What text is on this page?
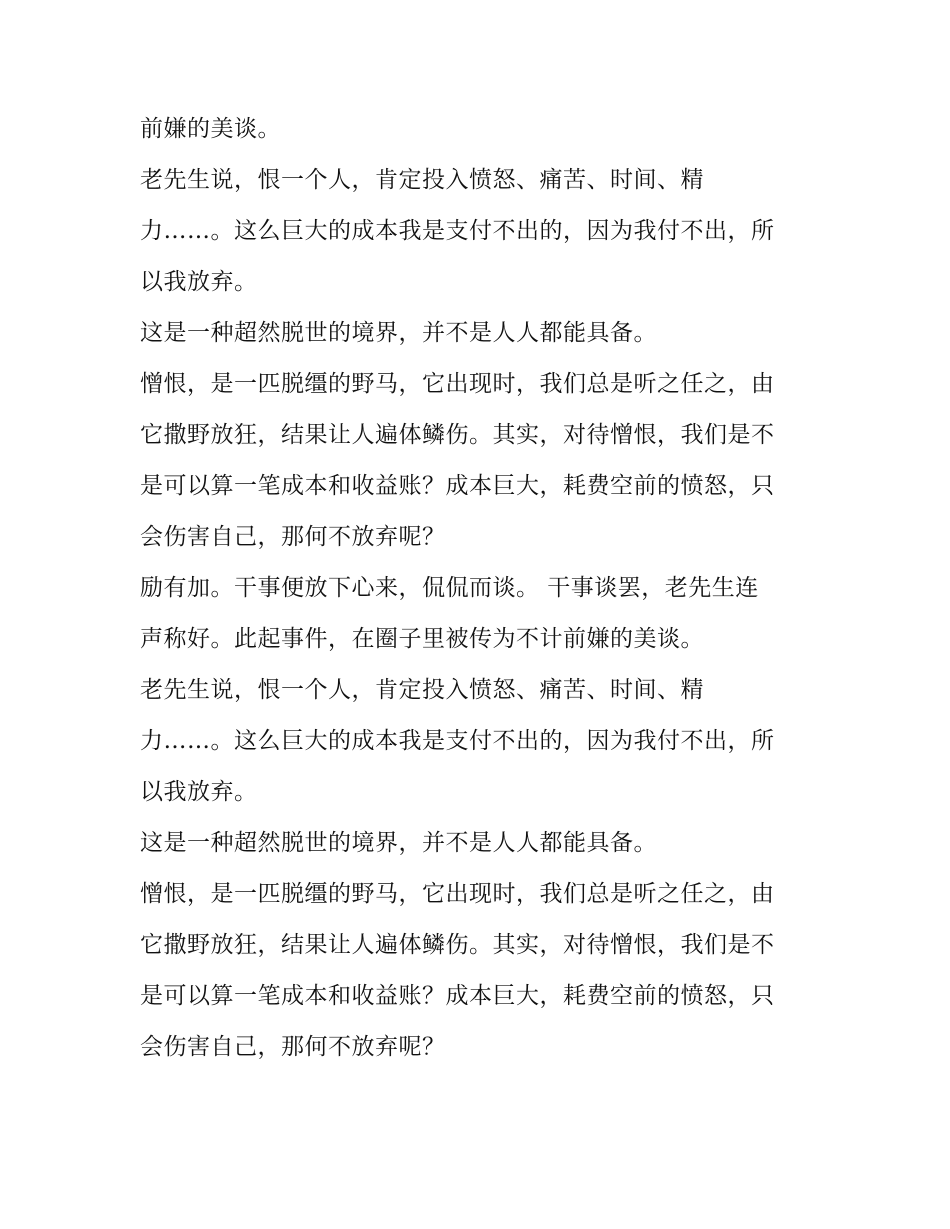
前嫌的美谈。
老先生说，恨一个人，肯定投入愤怒、痛苦、时间、精
力……。这么巨大的成本我是支付不出的，因为我付不出，所
以我放弃。
这是一种超然脱世的境界，并不是人人都能具备。
憎恨，是一匹脱缰的野马，它出现时，我们总是听之任之，由
它撒野放狂，结果让人遍体鳞伤。其实，对待憎恨，我们是不
是可以算一笔成本和收益账？成本巨大，耗费空前的愤怒，只
会伤害自己，那何不放弃呢？
励有加。干事便放下心来，侃侃而谈。 干事谈罢，老先生连
声称好。此起事件，在圈子里被传为不计前嫌的美谈。
老先生说，恨一个人，肯定投入愤怒、痛苦、时间、精
力……。这么巨大的成本我是支付不出的，因为我付不出，所
以我放弃。
这是一种超然脱世的境界，并不是人人都能具备。
憎恨，是一匹脱缰的野马，它出现时，我们总是听之任之，由
它撒野放狂，结果让人遍体鳞伤。其实，对待憎恨，我们是不
是可以算一笔成本和收益账？成本巨大，耗费空前的愤怒，只
会伤害自己，那何不放弃呢？
